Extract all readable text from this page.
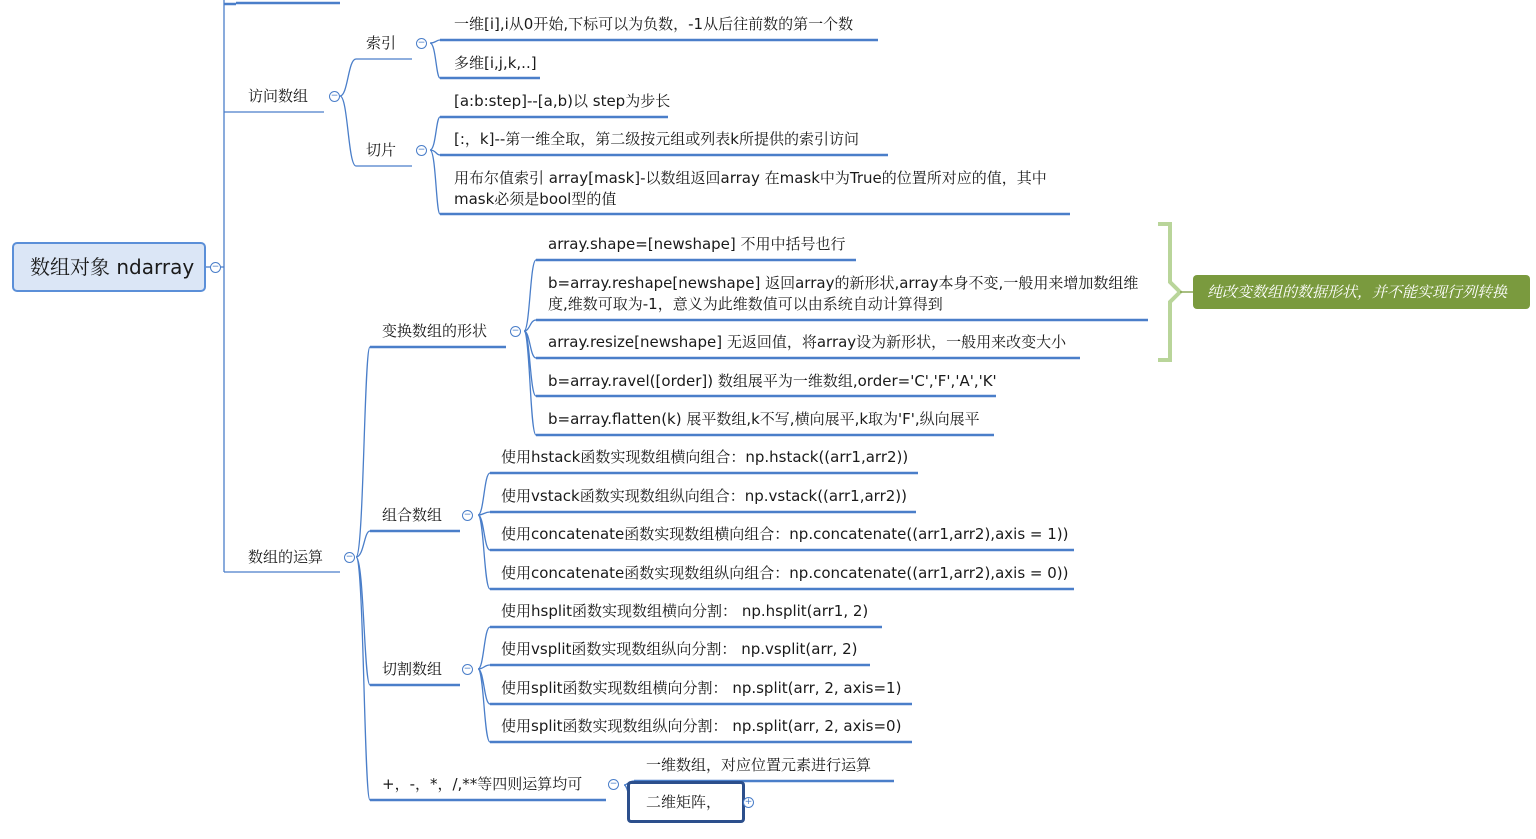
数组对象 ndarray	−
访问数组	−
索引 −
一维[i],i从0开始,下标可以为负数，-1从后往前数的第一个数
多维[i,j,k,..]
切片 −
[a:b:step]--[a,b)以 step为步长
[:，k]--第一维全取，第二级按元组或列表k所提供的索引访问
用布尔值索引 array[mask]-以数组返回array 在mask中为True的位置所对应的值，其中mask必须是bool型的值
数组的运算	−
变换数组的形状	−
array.shape=[newshape] 不用中括号也行
b=array.reshape[newshape] 返回array的新形状,array本身不变,一般用来增加数组维度,维数可取为-1，意义为此维数值可以由系统自动计算得到
array.resize[newshape] 无返回值，将array设为新形状，一般用来改变大小
b=array.ravel([order]) 数组展平为一维数组,order='C','F','A','K'
b=array.flatten(k) 展平数组,k不写,横向展平,k取为'F',纵向展平
纯改变数组的数据形状，并不能实现行列转换
组合数组 −
使用hstack函数实现数组横向组合：np.hstack((arr1,arr2))
使用vstack函数实现数组纵向组合：np.vstack((arr1,arr2))
使用concatenate函数实现数组横向组合：np.concatenate((arr1,arr2),axis = 1))
使用concatenate函数实现数组纵向组合：np.concatenate((arr1,arr2),axis = 0))
切割数组 −
使用hsplit函数实现数组横向分割： np.hsplit(arr1, 2)
使用vsplit函数实现数组纵向分割： np.vsplit(arr, 2)
使用split函数实现数组横向分割： np.split(arr, 2, axis=1)
使用split函数实现数组纵向分割： np.split(arr, 2, axis=0)
+，-，*，/,**等四则运算均可	−
一维数组，对应位置元素进行运算
二维矩阵，	+
